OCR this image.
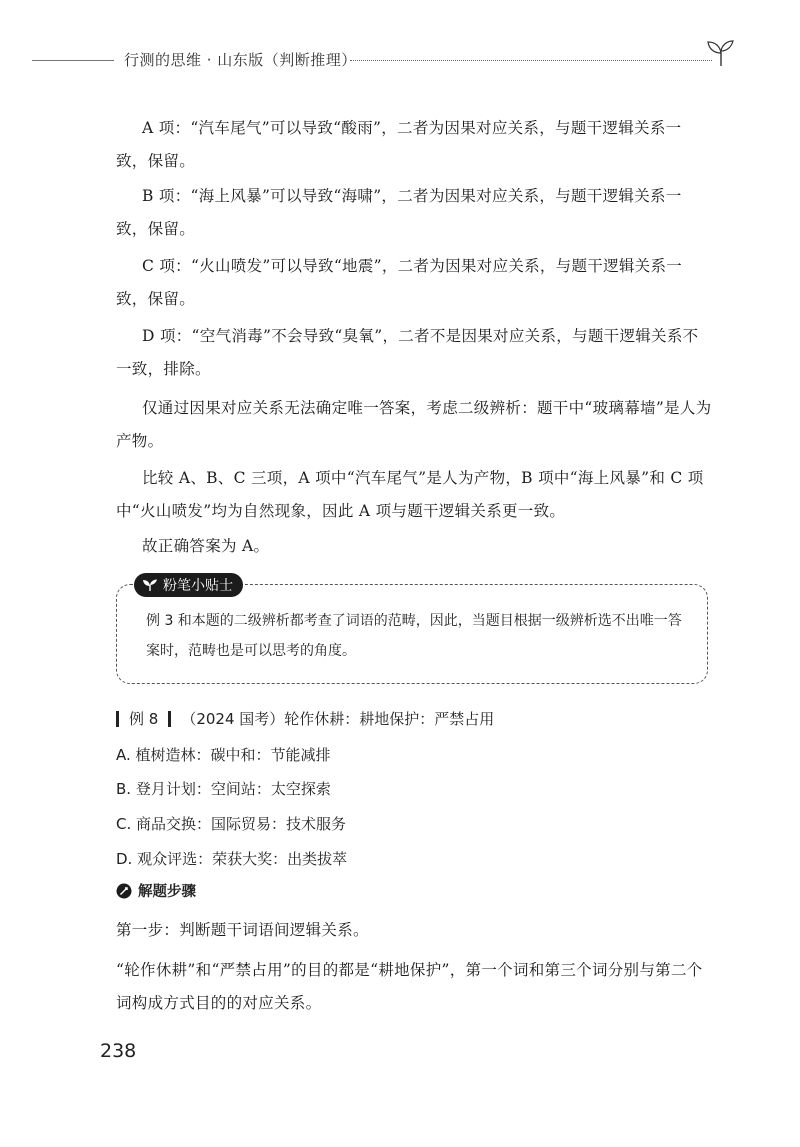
行测的思维 · 山东版（判断推理）
A 项：“汽车尾气”可以导致“酸雨”，二者为因果对应关系，与题干逻辑关系一致，保留。
B 项：“海上风暴”可以导致“海啸”，二者为因果对应关系，与题干逻辑关系一致，保留。
C 项：“火山喷发”可以导致“地震”，二者为因果对应关系，与题干逻辑关系一致，保留。
D 项：“空气消毒”不会导致“臭氧”，二者不是因果对应关系，与题干逻辑关系不一致，排除。
仅通过因果对应关系无法确定唯一答案，考虑二级辨析：题干中“玻璃幕墙”是人为产物。
比较 A、B、C 三项，A 项中“汽车尾气”是人为产物，B 项中“海上风暴”和 C 项中“火山喷发”均为自然现象，因此 A 项与题干逻辑关系更一致。
故正确答案为 A。
粉笔小贴士
例 3 和本题的二级辨析都考查了词语的范畴，因此，当题目根据一级辨析选不出唯一答案时，范畴也是可以思考的角度。
例 8 （2024 国考）轮作休耕：耕地保护：严禁占用
A. 植树造林：碳中和：节能减排
B. 登月计划：空间站：太空探索
C. 商品交换：国际贸易：技术服务
D. 观众评选：荣获大奖：出类拔萃
解题步骤
第一步：判断题干词语间逻辑关系。
“轮作休耕”和“严禁占用”的目的都是“耕地保护”，第一个词和第三个词分别与第二个词构成方式目的的对应关系。
238
